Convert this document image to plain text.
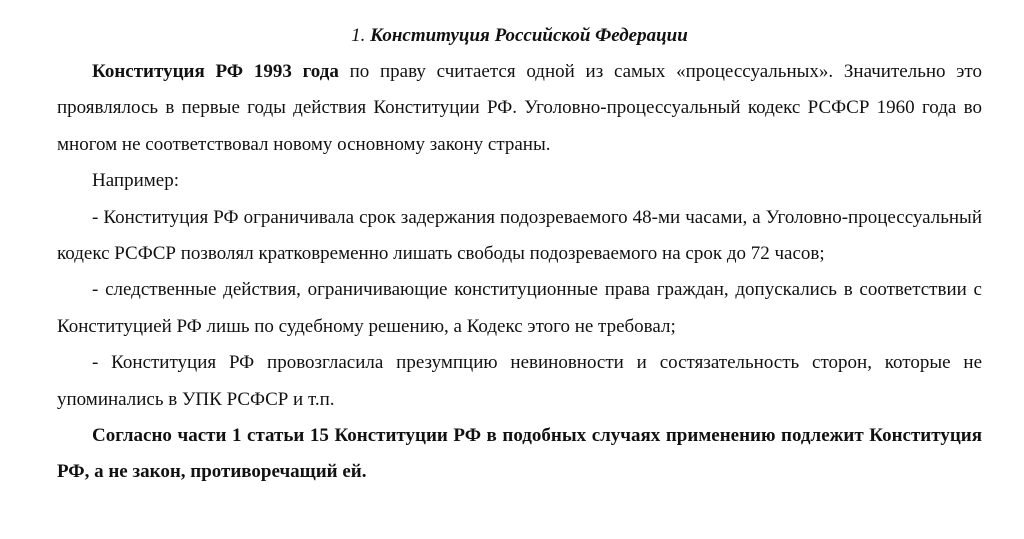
1. Конституция Российской Федерации

Конституция РФ 1993 года по праву считается одной из самых «процессуальных». Значительно это проявлялось в первые годы действия Конституции РФ. Уголовно-процессуальный кодекс РСФСР 1960 года во многом не соответствовал новому основному закону страны.

Например:

- Конституция РФ ограничивала срок задержания подозреваемого 48-ми часами, а Уголовно-процессуальный кодекс РСФСР позволял кратковременно лишать свободы подозреваемого на срок до 72 часов;

- следственные действия, ограничивающие конституционные права граждан, допускались в соответствии с Конституцией РФ лишь по судебному решению, а Кодекс этого не требовал;

- Конституция РФ провозгласила презумпцию невиновности и состязательность сторон, которые не упоминались в УПК РСФСР и т.п.

Согласно части 1 статьи 15 Конституции РФ в подобных случаях применению подлежит Конституция РФ, а не закон, противоречащий ей.
